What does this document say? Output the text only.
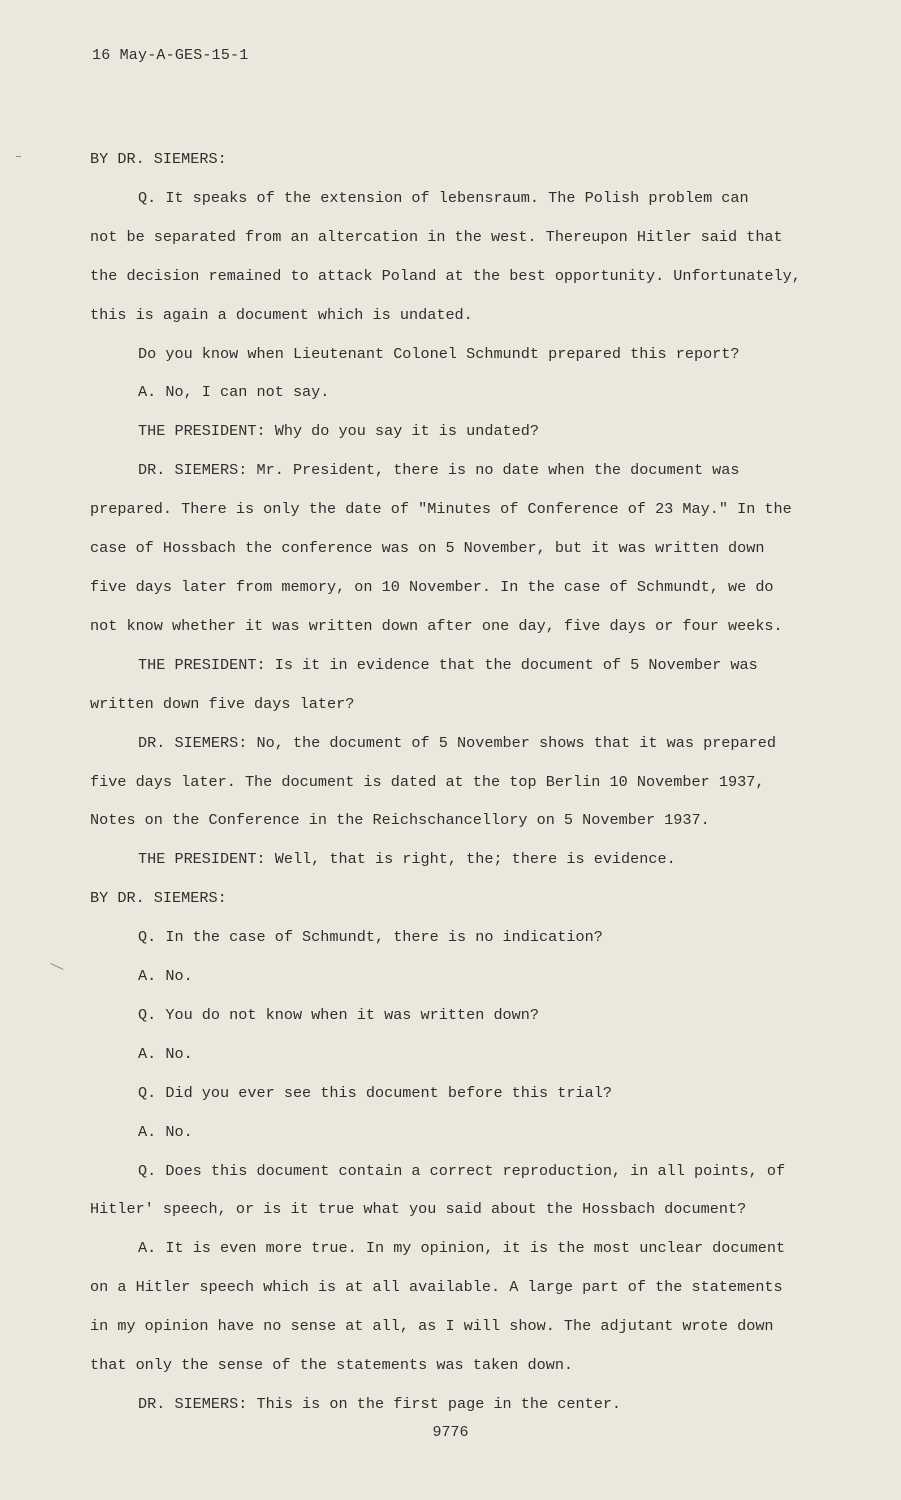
16 May-A-GES-15-1

BY DR. SIEMERS:

Q. It speaks of the extension of lebensraum. The Polish problem can

not be separated from an altercation in the west. Thereupon Hitler said that

the decision remained to attack Poland at the best opportunity. Unfortunately,

this is again a document which is undated.

Do you know when Lieutenant Colonel Schmundt prepared this report?

A. No, I can not say.

THE PRESIDENT: Why do you say it is undated?

DR. SIEMERS: Mr. President, there is no date when the document was

prepared. There is only the date of "Minutes of Conference of 23 May." In the

case of Hossbach the conference was on 5 November, but it was written down

five days later from memory, on 10 November. In the case of Schmundt, we do

not know whether it was written down after one day, five days or four weeks.

THE PRESIDENT: Is it in evidence that the document of 5 November was

written down five days later?

DR. SIEMERS: No, the document of 5 November shows that it was prepared

five days later. The document is dated at the top Berlin 10 November 1937,

Notes on the Conference in the Reichschancellory on 5 November 1937.

THE PRESIDENT: Well, that is right, the; there is evidence.

BY DR. SIEMERS:

Q. In the case of Schmundt, there is no indication?

A. No.

Q. You do not know when it was written down?

A. No.

Q. Did you ever see this document before this trial?

A. No.

Q. Does this document contain a correct reproduction, in all points, of

Hitler' speech, or is it true what you said about the Hossbach document?

A. It is even more true. In my opinion, it is the most unclear document

on a Hitler speech which is at all available. A large part of the statements

in my opinion have no sense at all, as I will show. The adjutant wrote down

that only the sense of the statements was taken down.

DR. SIEMERS: This is on the first page in the center.

9776
